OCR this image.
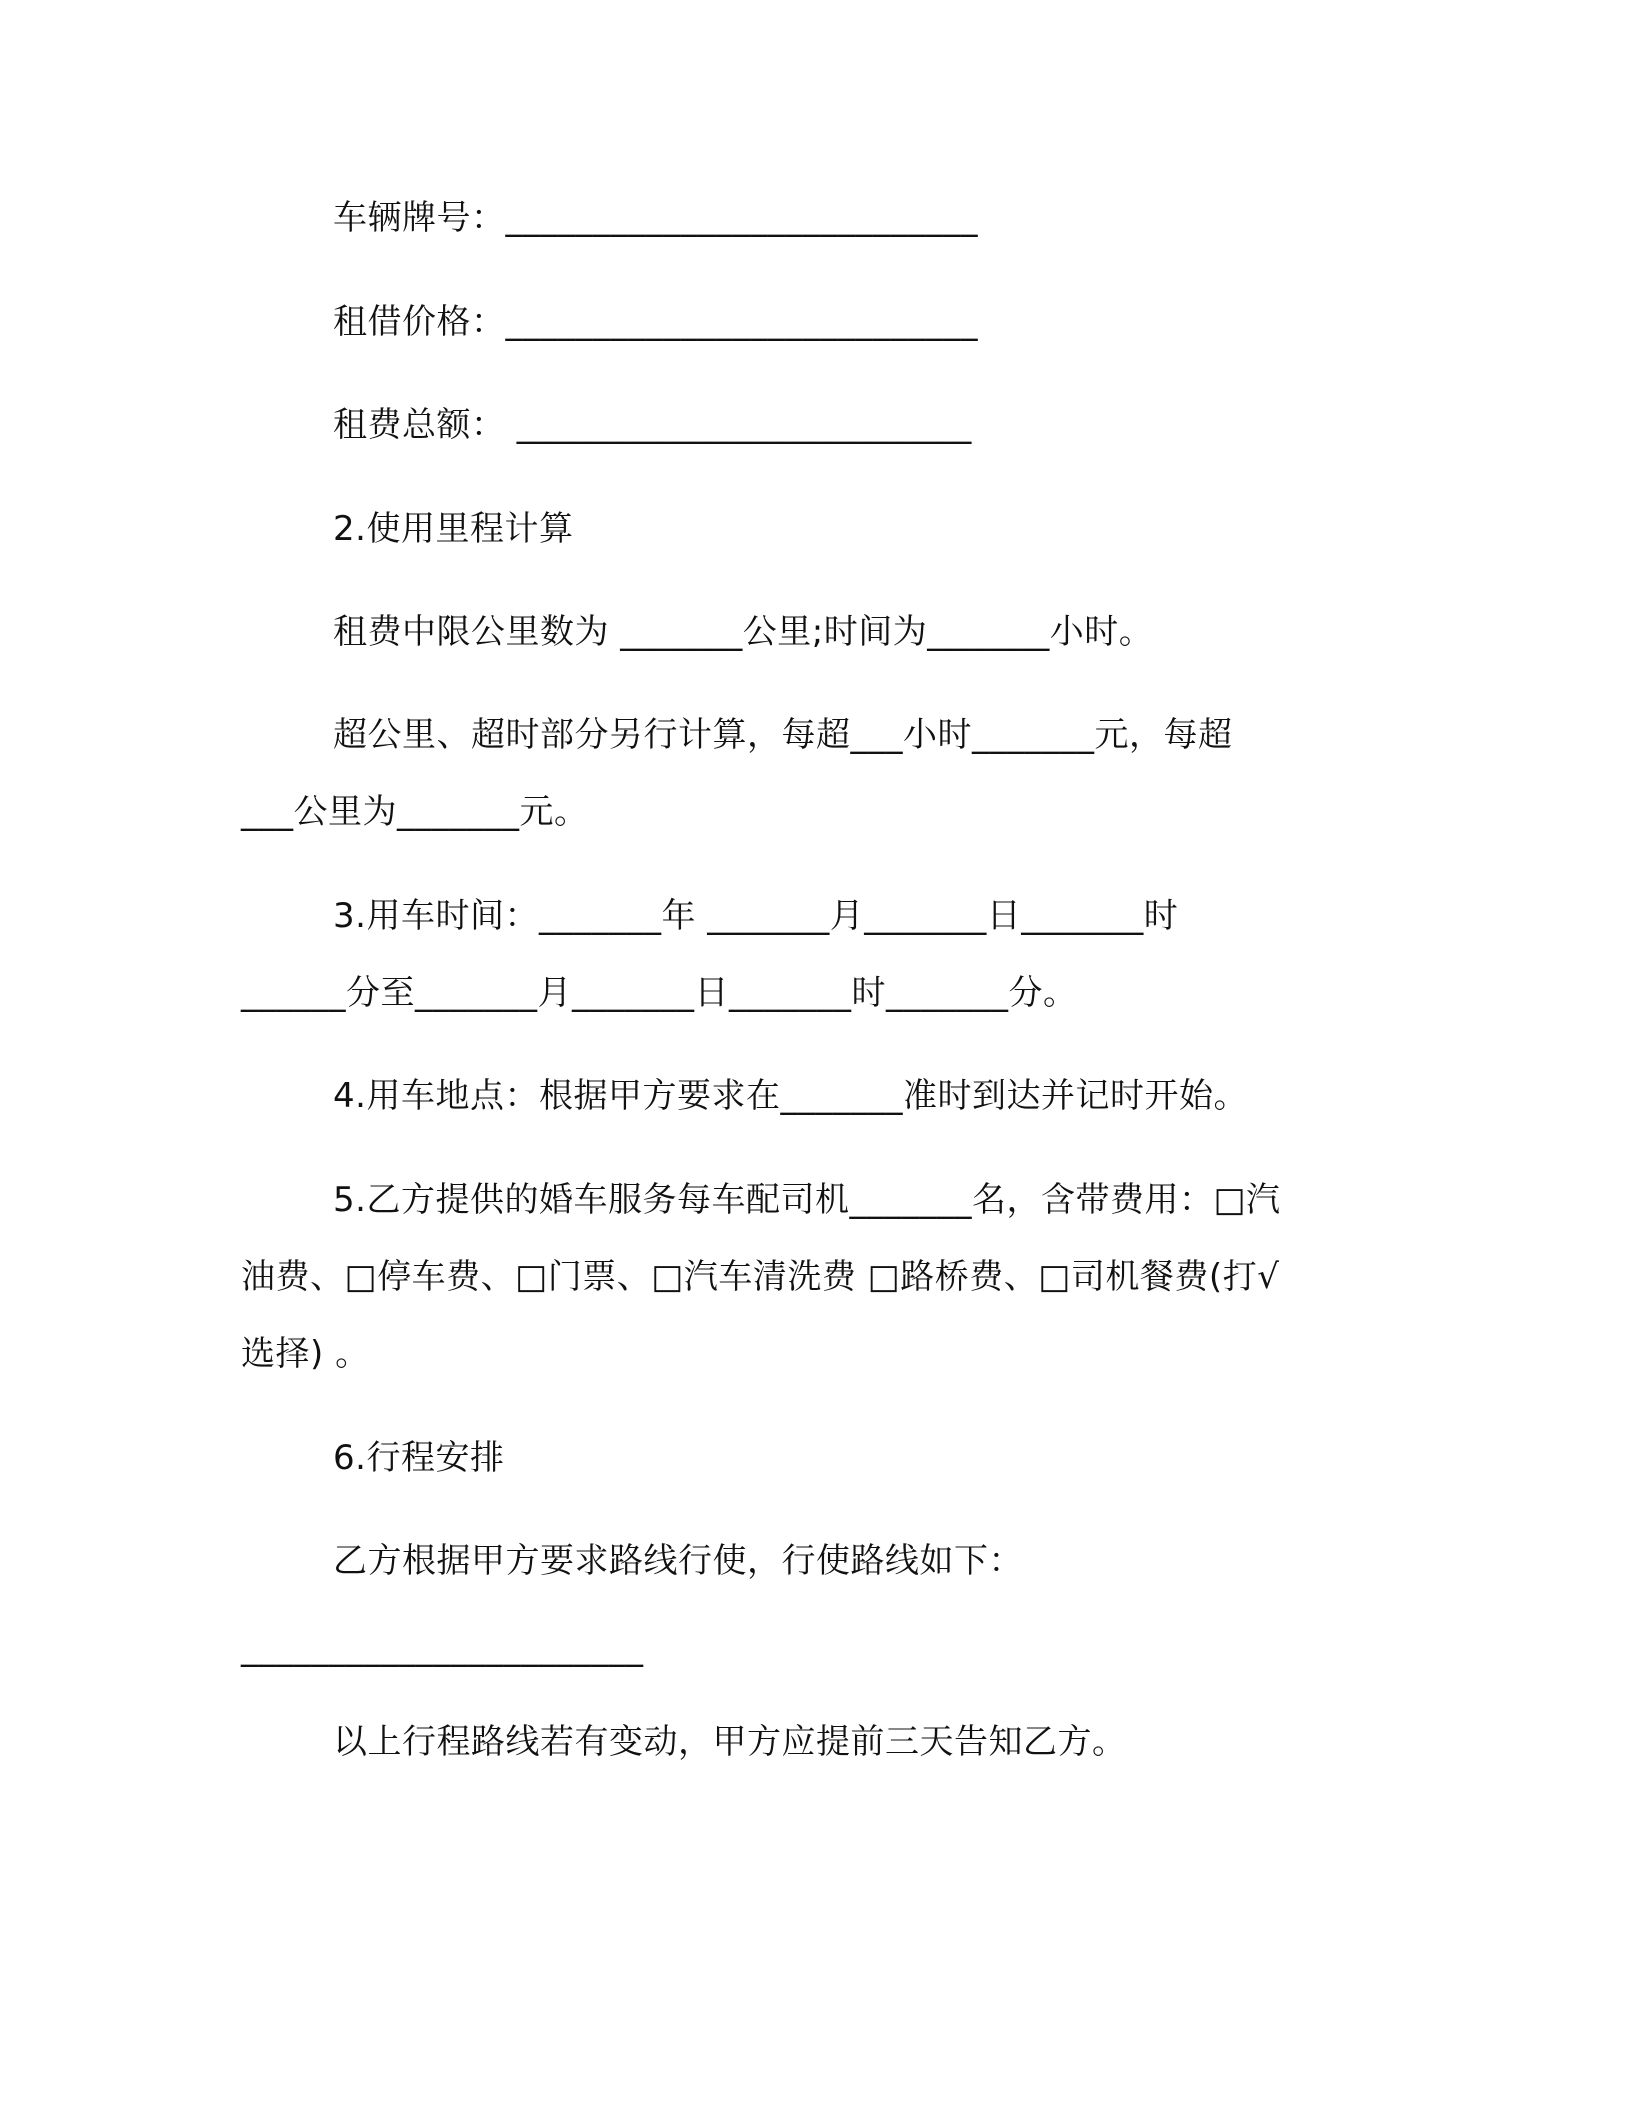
车辆牌号：___________________________
租借价格：___________________________
租费总额： __________________________
2.使用里程计算
租费中限公里数为 _______公里;时间为_______小时。
超公里、超时部分另行计算，每超___小时_______元，每超
___公里为_______元。
3.用车时间：_______年 _______月_______日_______时
______分至_______月_______日_______时_______分。
4.用车地点：根据甲方要求在_______准时到达并记时开始。
5.乙方提供的婚车服务每车配司机_______名，含带费用：□汽
油费、□停车费、□门票、□汽车清洗费 □路桥费、□司机餐费(打√
选择) 。
6.行程安排
乙方根据甲方要求路线行使，行使路线如下：
_______________________
以上行程路线若有变动，甲方应提前三天告知乙方。
